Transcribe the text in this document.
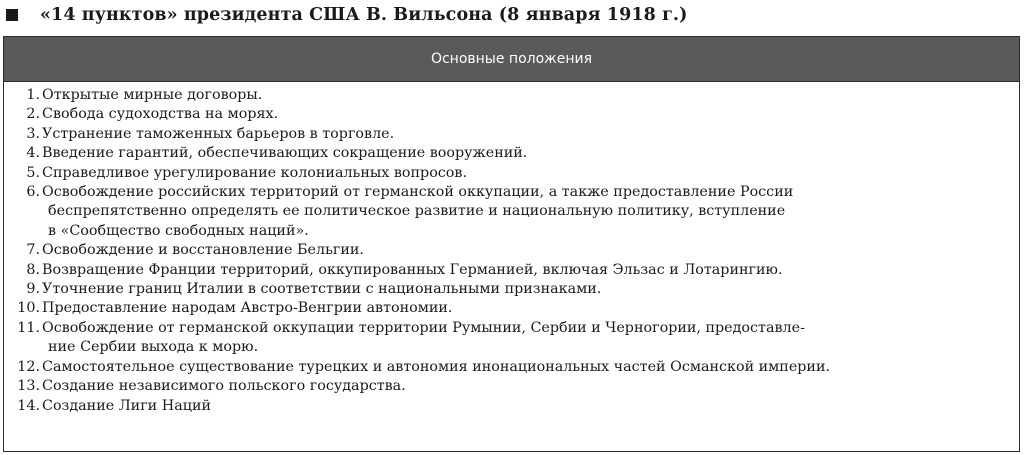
«14 пунктов» президента США В. Вильсона (8 января 1918 г.)
Основные положения
1. Открытые мирные договоры.
2. Свобода судоходства на морях.
3. Устранение таможенных барьеров в торговле.
4. Введение гарантий, обеспечивающих сокращение вооружений.
5. Справедливое урегулирование колониальных вопросов.
6. Освобождение российских территорий от германской оккупации, а также предоставление России
беспрепятственно определять ее политическое развитие и национальную политику, вступление
в «Сообщество свободных наций».
7. Освобождение и восстановление Бельгии.
8. Возвращение Франции территорий, оккупированных Германией, включая Эльзас и Лотарингию.
9. Уточнение границ Италии в соответствии с национальными признаками.
10. Предоставление народам Австро-Венгрии автономии.
11. Освобождение от германской оккупации территории Румынии, Сербии и Черногории, предоставле-
ние Сербии выхода к морю.
12. Самостоятельное существование турецких и автономия инонациональных частей Османской империи.
13. Создание независимого польского государства.
14. Создание Лиги Наций
